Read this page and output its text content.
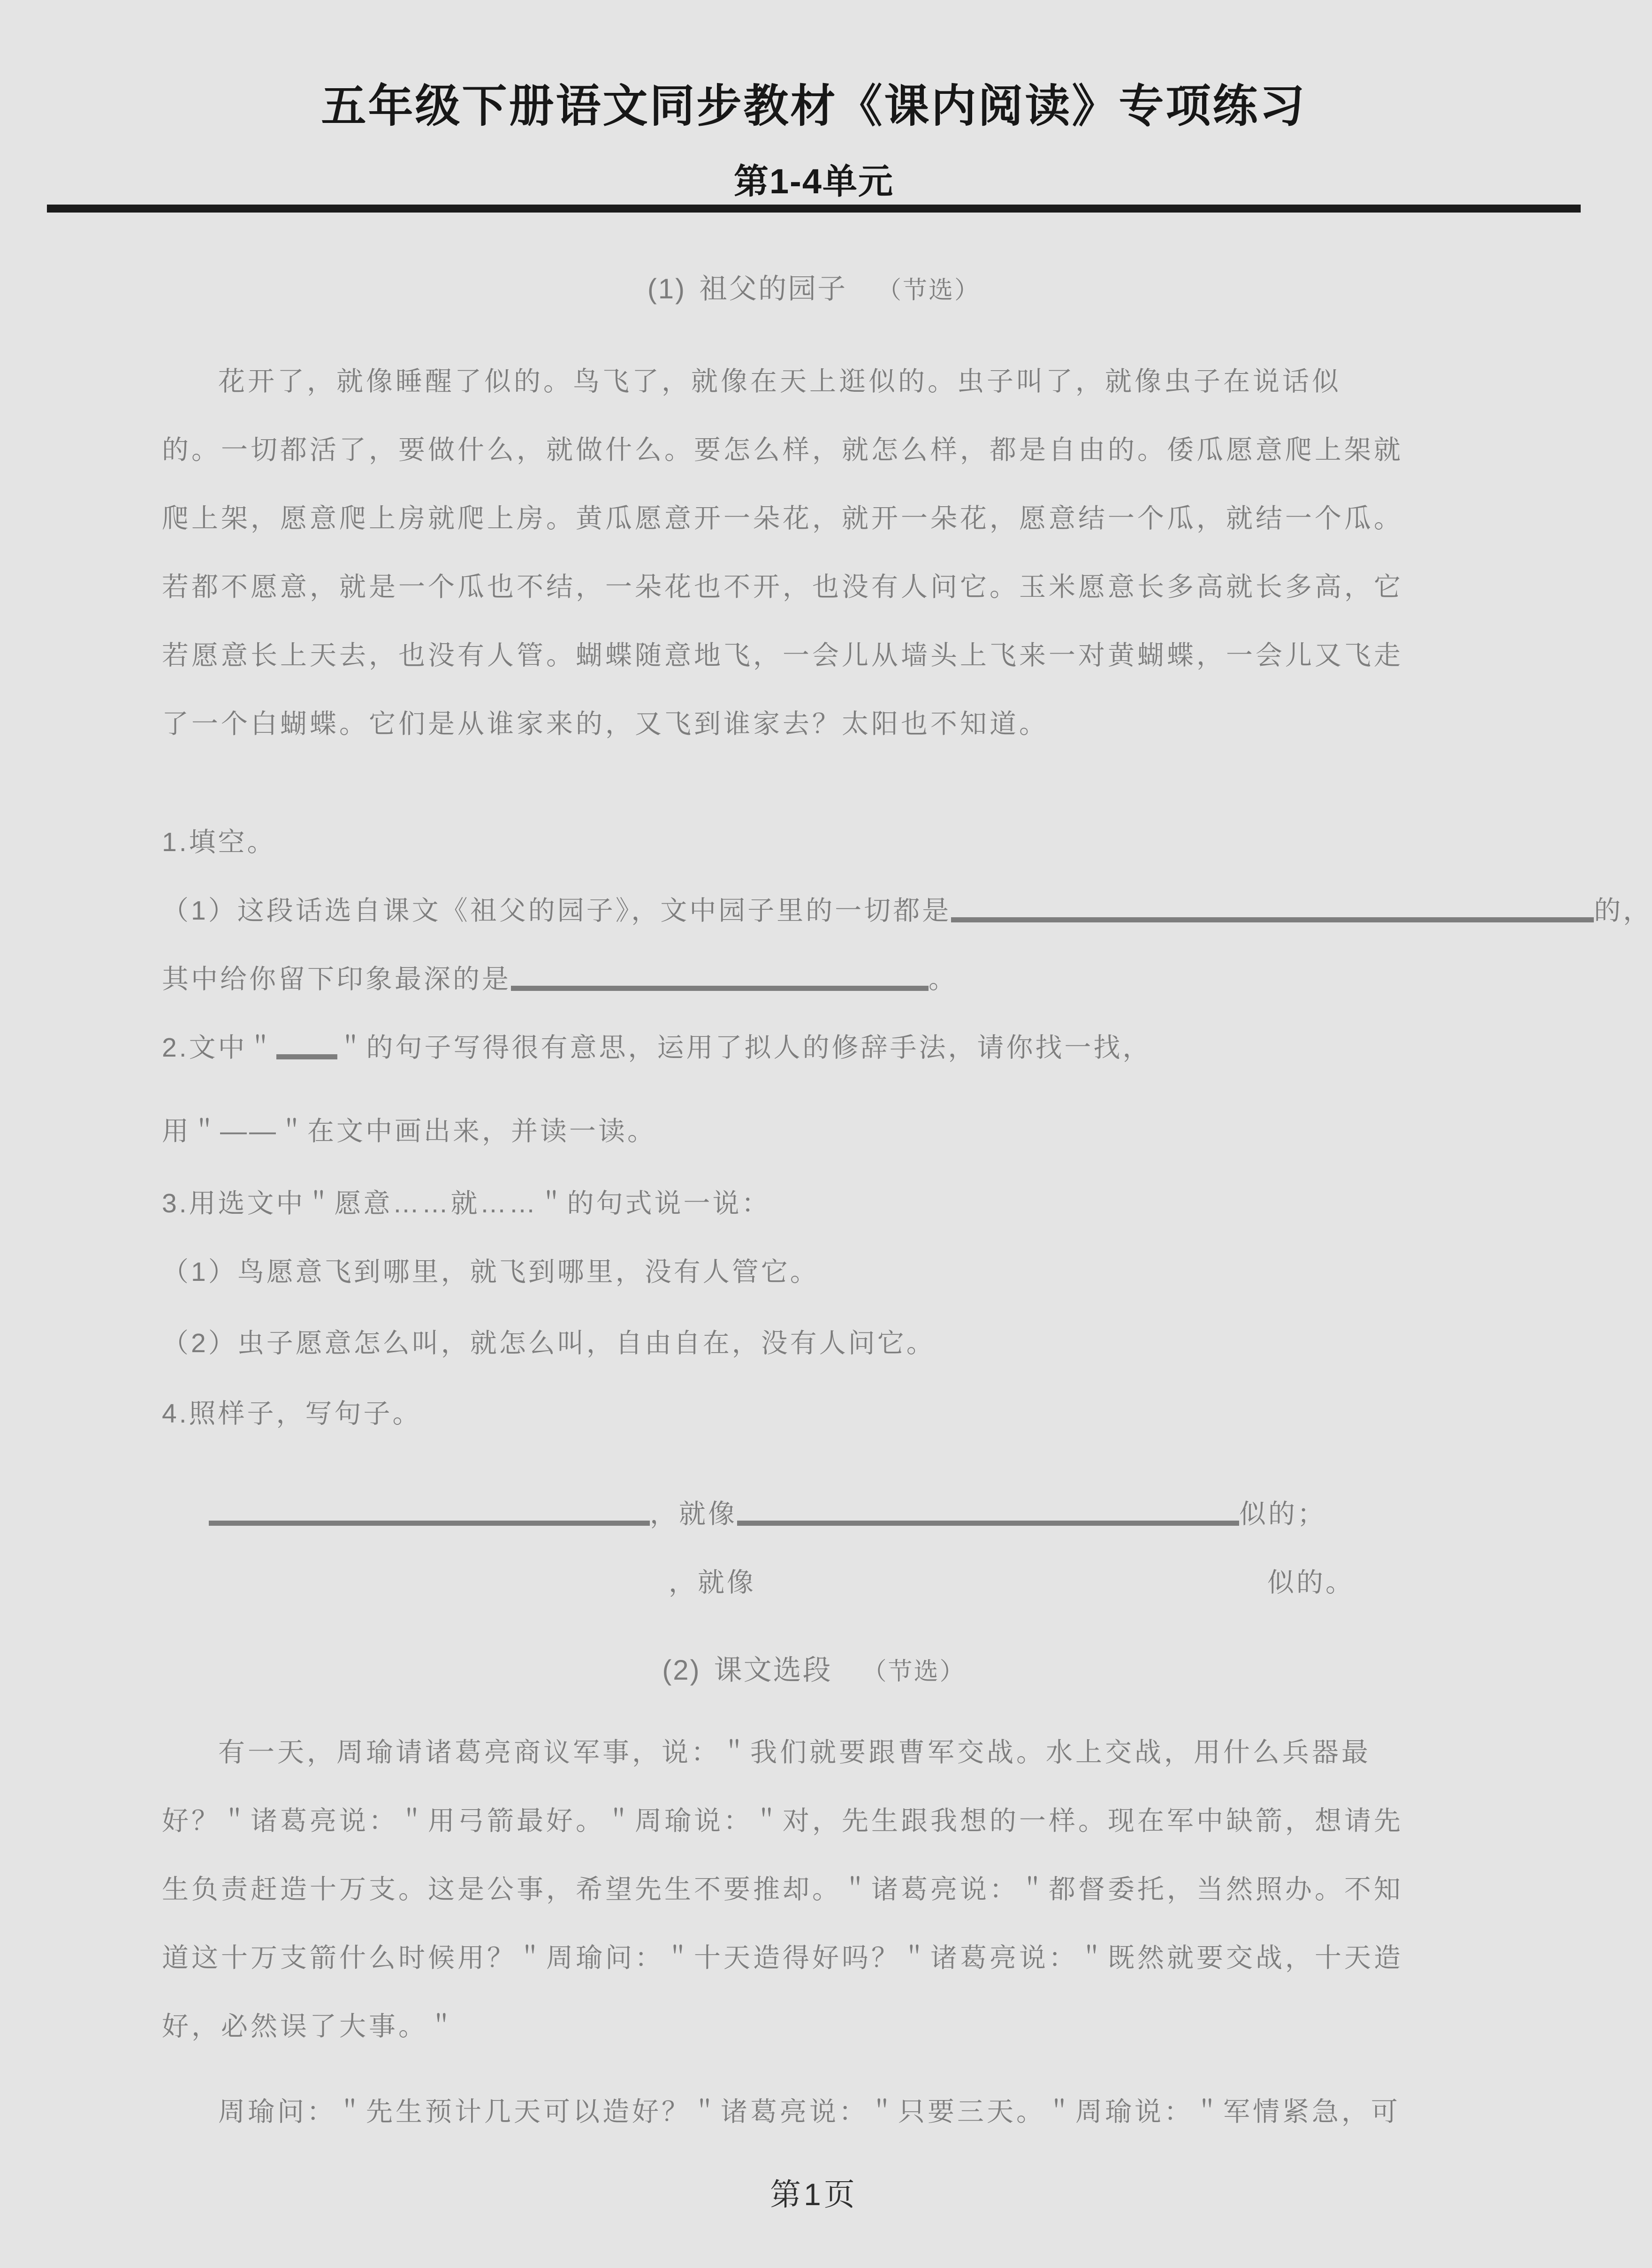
五年级下册语文同步教材《课内阅读》专项练习
第1-4单元
(1) 祖父的园子 （节选）
花开了，就像睡醒了似的。鸟飞了，就像在天上逛似的。虫子叫了，就像虫子在说话似
的。一切都活了，要做什么，就做什么。要怎么样，就怎么样，都是自由的。倭瓜愿意爬上架就
爬上架，愿意爬上房就爬上房。黄瓜愿意开一朵花，就开一朵花，愿意结一个瓜，就结一个瓜。
若都不愿意，就是一个瓜也不结，一朵花也不开，也没有人问它。玉米愿意长多高就长多高，它
若愿意长上天去，也没有人管。蝴蝶随意地飞，一会儿从墙头上飞来一对黄蝴蝶，一会儿又飞走
了一个白蝴蝶。它们是从谁家来的，又飞到谁家去？太阳也不知道。
1.填空。
（1）这段话选自课文《祖父的园子》，文中园子里的一切都是	的，
其中给你留下印象最深的是	。
2.文中＂ ＂的句子写得很有意思，运用了拟人的修辞手法，请你找一找，
用＂——＂在文中画出来，并读一读。
3.用选文中＂愿意……就……＂的句式说一说：
（1）鸟愿意飞到哪里，就飞到哪里，没有人管它。
（2）虫子愿意怎么叫，就怎么叫，自由自在，没有人问它。
4.照样子，写句子。
，就像	似的；
，就像	似的。
(2) 课文选段 （节选）
有一天，周瑜请诸葛亮商议军事，说：＂我们就要跟曹军交战。水上交战，用什么兵器最
好？＂诸葛亮说：＂用弓箭最好。＂周瑜说：＂对，先生跟我想的一样。现在军中缺箭，想请先
生负责赶造十万支。这是公事，希望先生不要推却。＂诸葛亮说：＂都督委托，当然照办。不知
道这十万支箭什么时候用？＂周瑜问：＂十天造得好吗？＂诸葛亮说：＂既然就要交战，十天造
好，必然误了大事。＂
周瑜问：＂先生预计几天可以造好？＂诸葛亮说：＂只要三天。＂周瑜说：＂军情紧急，可
第1页
